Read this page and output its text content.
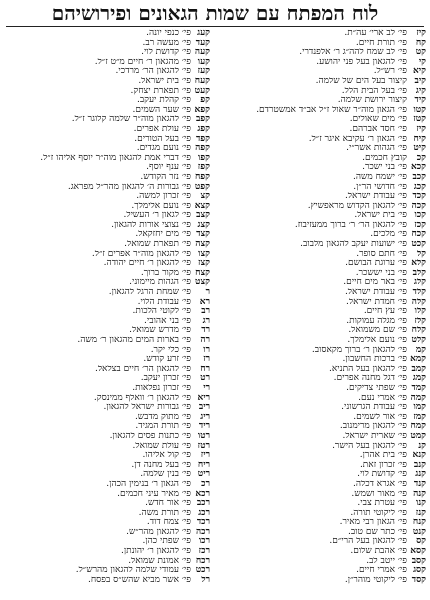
לוח המפתח עם שמות הגאונים ופירושיהם
קיזפי׳ לב ארי׳ עה״ת.
קחפי׳ תורת חיים.
קטפי׳ לב שמח להה״ג ר׳ אלפנדרי.
קיפי׳ להגאון בעל פני יהושע.
קיאפי׳ רש״ל.
קיבקיצור בעל הים של שלמה.
קיגפי׳ בעל הבית הלל.
קידקיצור ירושת שלמה.
קטופי׳ הגאון מוה״ר שאול ז״ל אב״ד אמשטרדם.
קטזפי׳ מים שאולים.
קיזפי׳ חסד אברהם.
קיחפי׳ הגאון ר׳ עקיבא איגר ז״ל.
קיטפי׳ הגהות אשר״י.
קכקובץ חכמים.
קכאפי׳ בני ישכר.
קכבפי׳ ישמח משה.
קכגפי׳ חדושי הר״ן.
קכדפי׳ עבודת ישראל.
קכהפי׳ להגאון הקדוש מראפשיץ.
קכופי׳ בית ישראל.
קכזפי׳ להגאון הר׳ ר׳ ברוך ממעזיבוז.
קכחפי׳ מלכים.
קכטפי׳ ישועות יעקב להגאון מלבוב.
קלפי׳ חתם סופר.
קלאפי׳ ערוגת הבושם.
קלבפי׳ בני יששכר.
קלגפי׳ באר מים חיים.
קלדפי׳ עבודת ישראל.
קלהפי׳ חמדת ישראל.
קלופי׳ עץ חיים.
קלזפי׳ מגלה עמוקות.
קלחפי׳ שם משמואל.
קלטפי׳ נועם אלימלך.
קמפי׳ להגאון ר׳ ברוך מקאסוב.
קמאפי׳ ברכות החשבון.
קמבפי׳ להגאון בעל התניא.
קמגפי׳ דגל מחנה אפרים.
קמדפי׳ שפתי צדיקים.
קמהפי׳ אמרי נעם.
קמופי׳ עבודת הגרשוני.
קמזפי׳ אור לשמים.
קמחפי׳ להגאון מרימנוב.
קמטפי׳ שארית ישראל.
קנפי׳ להגאון בעל הישר.
קנאפי׳ בית אהרן.
קנבפי׳ זכרון זאת.
קנגפי׳ קדושת לוי.
קנדפי׳ אגרא דכלה.
קנהפי׳ מאור ושמש.
קנופי׳ עטרת צבי.
קנזפי׳ ליקוטי תורה.
קנחפי׳ הגאון רבי מאיר.
קנטפי׳ כתר שם טוב.
קספי׳ להגאון בעל הרי״ם.
קסאפי׳ אהבת שלום.
קסבפי׳ ייטב לב.
קסגפי׳ אמרי חיים.
קסדפי׳ ליקוטי מוהר״ן.
קעגפי׳ כנפי יונה.
קעדפי׳ מעשה רב.
קעהפי׳ קדושת לוי.
קעופי׳ מהגאון ר׳ חיים מ״ט ז״ל.
קעזפי׳ להגאון הר׳ מרדכי.
קעחפי׳ בית ישראל.
קעטפי׳ תפארת יצחק.
קפפי׳ קהלת יעקב.
קפאפי׳ שער השמים.
קפבפי׳ להגאון מוה״ר שלמה קלוגר ז״ל.
קפגפי׳ עולת אפרים.
קפדפי׳ בעל הטורים.
קפהפי׳ נועם מגדים.
קפופי׳ דברי אמת להגאון מוה״ר יוסף אליהו ז״ל.
קפזפי׳ ענף יוסף.
קפחפי׳ נזר הקודש.
קפטפי׳ גבורות ה׳ להגאון מהר״ל מפראג.
קצפי׳ זכרון למשה.
קצאפי׳ נועם אלימלך.
קצבפי׳ לגאון ר׳ העשיל.
קצגפי׳ נצוצי אורות להגאון.
קצדפי׳ מים יחזקאל.
קצהפי׳ תפארת שמואל.
קצופי׳ להגאון מוה״ר אפרים ז״ל.
קצזפי׳ להגאון ר׳ חיים יהודה.
קצחפי׳ מקור ברוך.
קצטפי׳ הגהות מיימוני.
רפי׳ שמחת הרגל להגאון.
ראפי׳ עבודת הלוי.
רבפי׳ לקוטי הלכות.
רגפי׳ בני אהובי.
רדפי׳ מדרש שמואל.
רהפי׳ בארות המים מהגאון ר׳ משה.
רופי׳ כלי יקר.
רזפי׳ זרע קודש.
רחפי׳ להגאון הר׳ חיים בצלאל.
רטפי׳ זכרון יעקב.
ריפי׳ זכרון נפלאות.
ריאפי׳ להגאון ר׳ וואלף ממינסק.
ריבפי׳ גבורות ישראל להגאון.
ריגפי׳ מתוק מדבש.
רידפי׳ תורת המגיד.
רטופי׳ כתנות פסים להגאון.
רטזפי׳ עולת שמואל.
ריזפי׳ קול אליהו.
ריחפי׳ בעל מחנה דן.
ריטפי׳ בנין שלמה.
רכפי׳ הגאון ר׳ בנימין הכהן.
רכאפי׳ מאיר עיני חכמים.
רכבפי׳ אור חדש.
רכגפי׳ תורת משה.
רכדפי׳ צמח דוד.
רכהפי׳ להגאון מהר״ש.
רכופי׳ שפתי כהן.
רכזפי׳ להגאון ר׳ יהונתן.
רכחפי׳ אמונת שמואל.
רכטפי׳ עמודי שלמה להגאון מהרש״ל.
רלפי׳ אשר מביא שהש״ס בפסח.
